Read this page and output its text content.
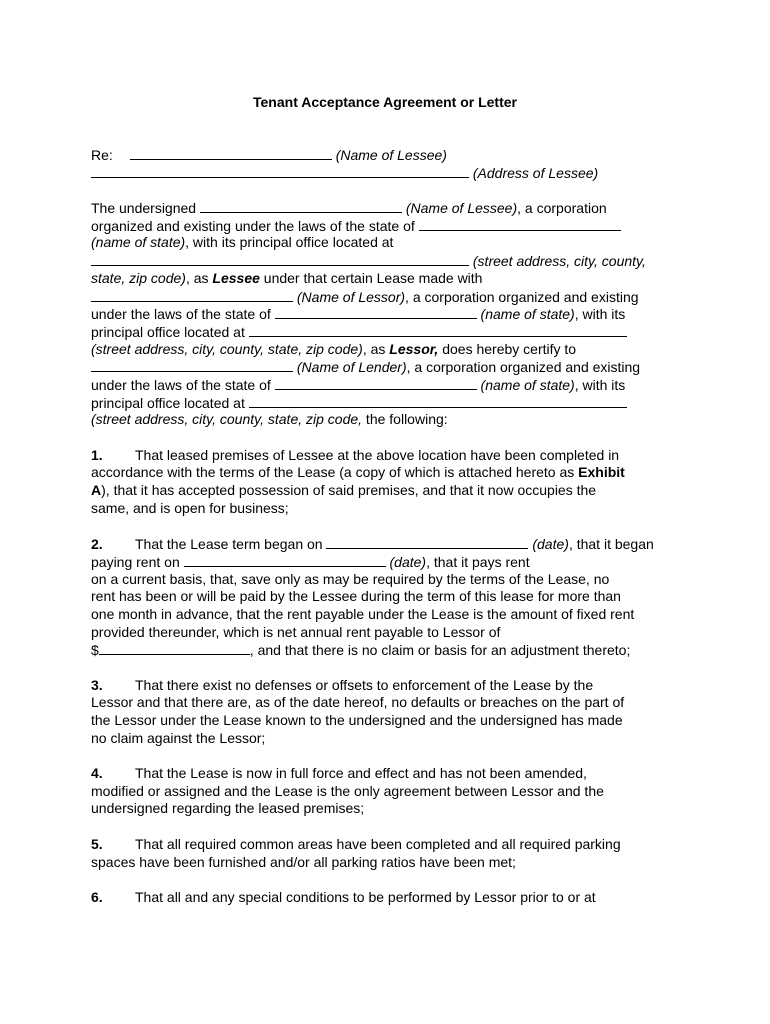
Tenant Acceptance Agreement or Letter
Re:	(Name of Lessee)
(Address of Lessee)
The undersigned	(Name of Lessee), a corporation
organized and existing under the laws of the state of
(name of state), with its principal office located at
(street address, city, county,
state, zip code), as Lessee under that certain Lease made with
(Name of Lessor), a corporation organized and existing
under the laws of the state of	(name of state), with its
principal office located at
(street address, city, county, state, zip code), as Lessor, does hereby certify to
(Name of Lender), a corporation organized and existing
under the laws of the state of	(name of state), with its
principal office located at
(street address, city, county, state, zip code, the following:
1. That leased premises of Lessee at the above location have been completed in
accordance with the terms of the Lease (a copy of which is attached hereto as Exhibit
A), that it has accepted possession of said premises, and that it now occupies the
same, and is open for business;
2. That the Lease term began on	(date), that it began
paying rent on	(date), that it pays rent
on a current basis, that, save only as may be required by the terms of the Lease, no
rent has been or will be paid by the Lessee during the term of this lease for more than
one month in advance, that the rent payable under the Lease is the amount of fixed rent
provided thereunder, which is net annual rent payable to Lessor of
$	, and that there is no claim or basis for an adjustment thereto;
3. That there exist no defenses or offsets to enforcement of the Lease by the
Lessor and that there are, as of the date hereof, no defaults or breaches on the part of
the Lessor under the Lease known to the undersigned and the undersigned has made
no claim against the Lessor;
4. That the Lease is now in full force and effect and has not been amended,
modified or assigned and the Lease is the only agreement between Lessor and the
undersigned regarding the leased premises;
5. That all required common areas have been completed and all required parking
spaces have been furnished and/or all parking ratios have been met;
6. That all and any special conditions to be performed by Lessor prior to or at
